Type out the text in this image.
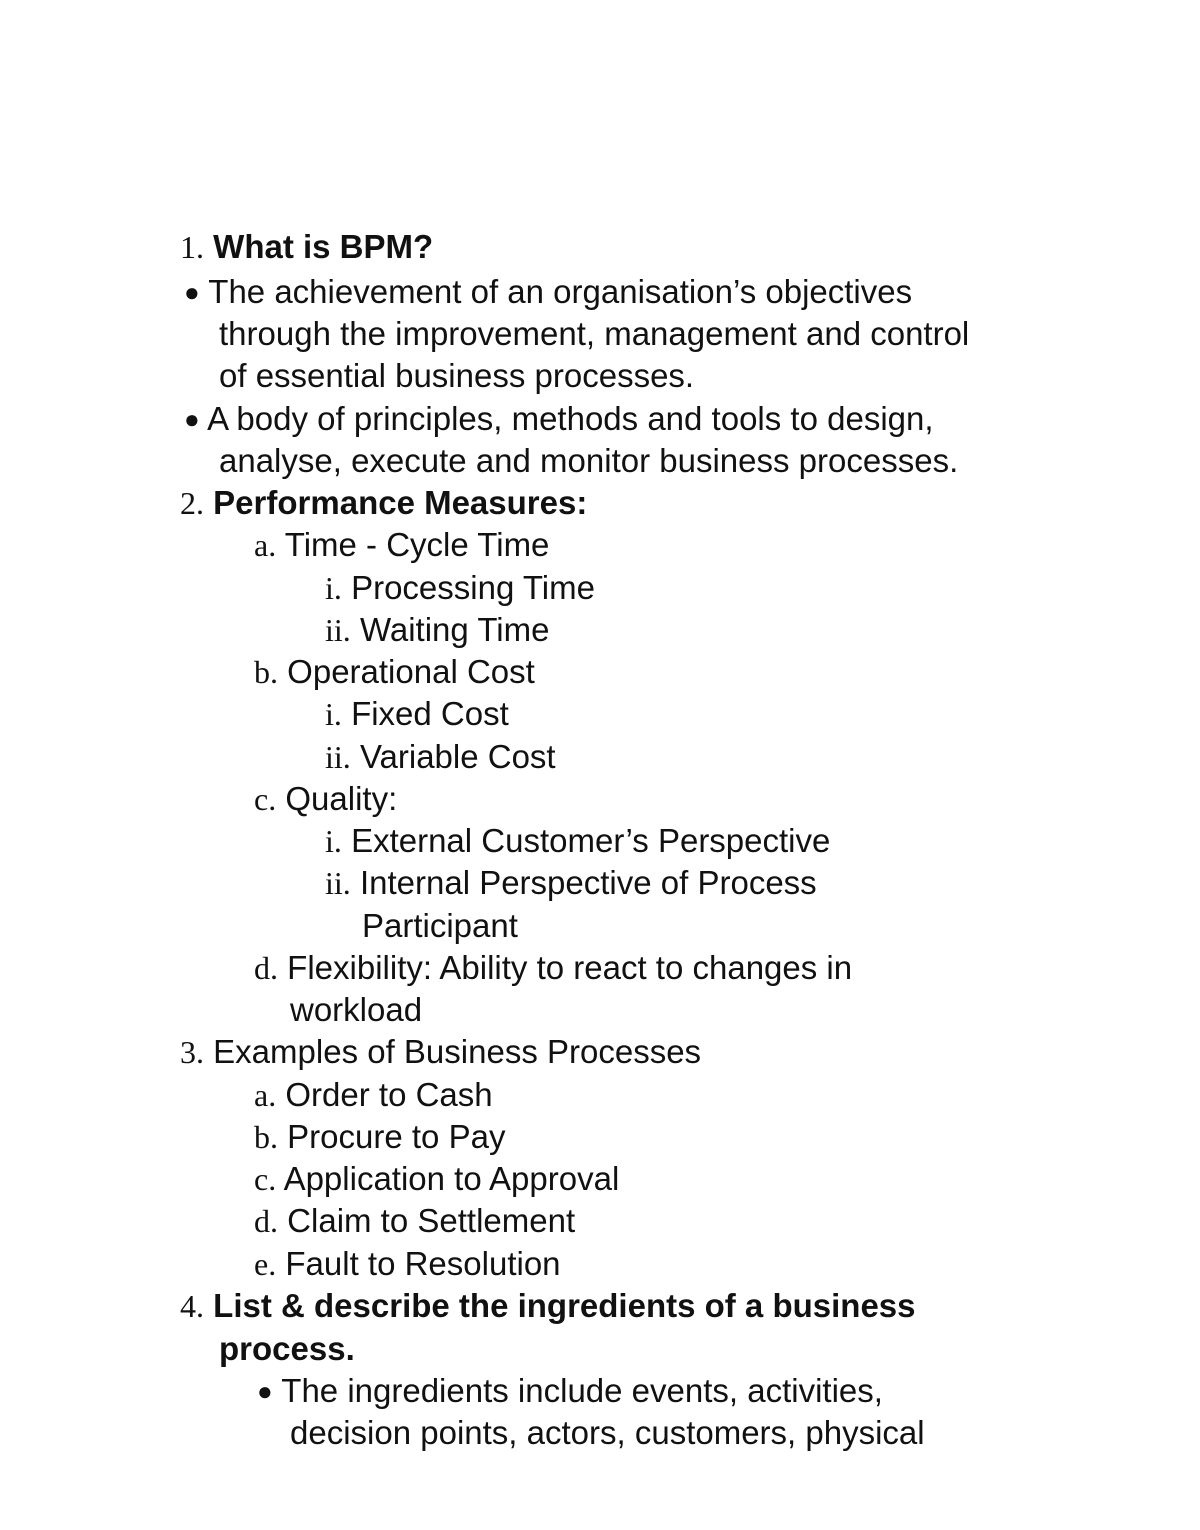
1. What is BPM?
● The achievement of an organisation’s objectives
through the improvement, management and control
of essential business processes.
● A body of principles, methods and tools to design,
analyse, execute and monitor business processes.
2. Performance Measures:
a. Time - Cycle Time
i. Processing Time
ii. Waiting Time
b. Operational Cost
i. Fixed Cost
ii. Variable Cost
c. Quality:
i. External Customer’s Perspective
ii. Internal Perspective of Process
Participant
d. Flexibility: Ability to react to changes in
workload
3. Examples of Business Processes
a. Order to Cash
b. Procure to Pay
c. Application to Approval
d. Claim to Settlement
e. Fault to Resolution
4. List & describe the ingredients of a business
process.
● The ingredients include events, activities,
decision points, actors, customers, physical
